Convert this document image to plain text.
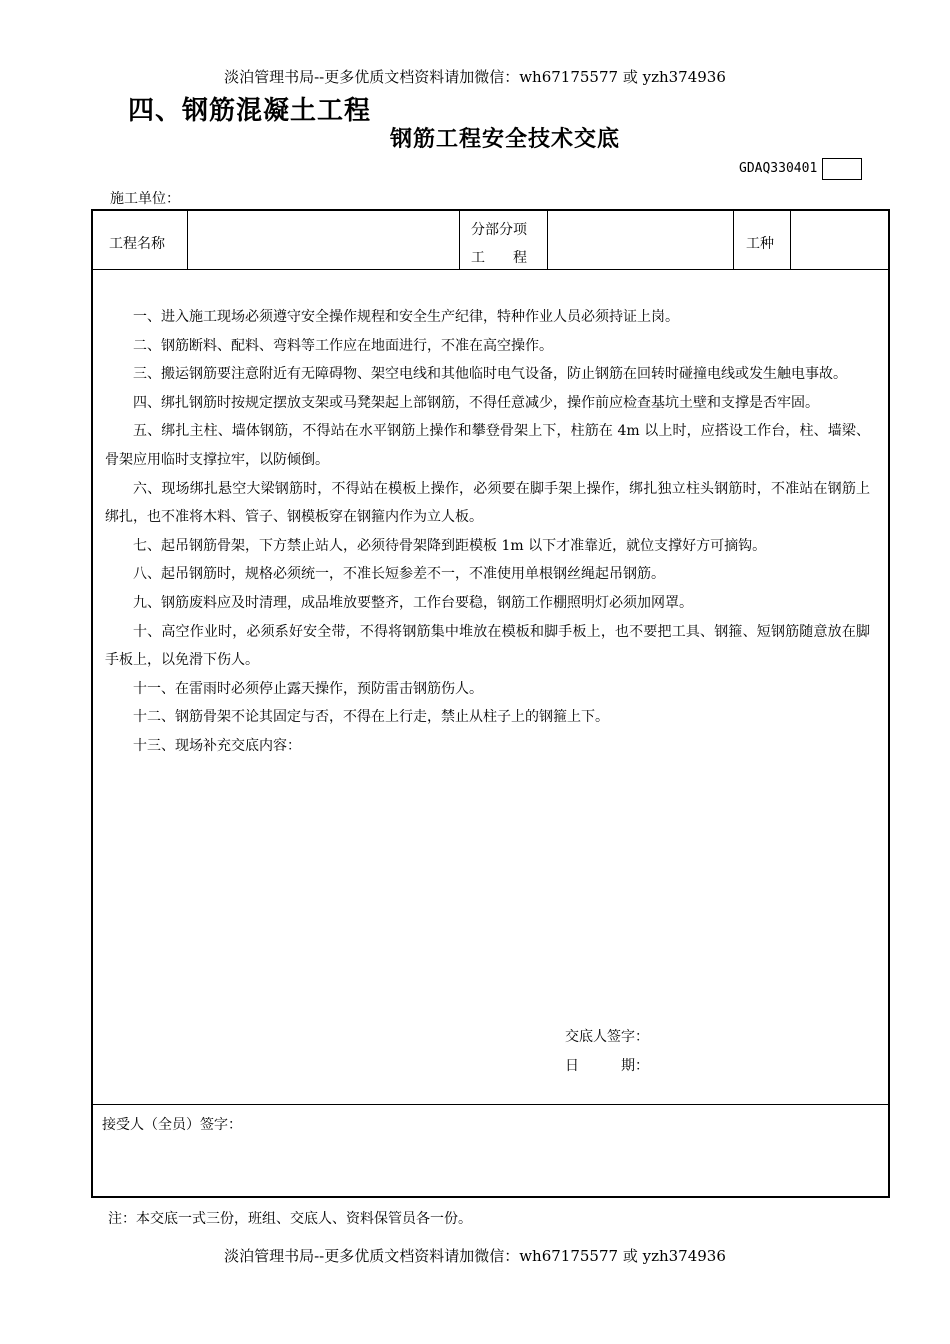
淡泊管理书局--更多优质文档资料请加微信：wh67175577 或 yzh374936
四、钢筋混凝土工程
钢筋工程安全技术交底
GDAQ330401
施工单位：
工程名称
分部分项
工　　程
工种

一、进入施工现场必须遵守安全操作规程和安全生产纪律，特种作业人员必须持证上岗。

二、钢筋断料、配料、弯料等工作应在地面进行，不准在高空操作。

三、搬运钢筋要注意附近有无障碍物、架空电线和其他临时电气设备，防止钢筋在回转时碰撞电线或发生触电事故。

四、绑扎钢筋时按规定摆放支架或马凳架起上部钢筋，不得任意减少，操作前应检查基坑土壁和支撑是否牢固。

五、绑扎主柱、墙体钢筋，不得站在水平钢筋上操作和攀登骨架上下，柱筋在 4m 以上时，应搭设工作台，柱、墙梁、骨架应用临时支撑拉牢，以防倾倒。

六、现场绑扎悬空大梁钢筋时，不得站在模板上操作，必须要在脚手架上操作，绑扎独立柱头钢筋时，不准站在钢筋上绑扎，也不准将木料、管子、钢模板穿在钢箍内作为立人板。

七、起吊钢筋骨架，下方禁止站人，必须待骨架降到距模板 1m 以下才准靠近，就位支撑好方可摘钩。

八、起吊钢筋时，规格必须统一，不准长短参差不一，不准使用单根钢丝绳起吊钢筋。

九、钢筋废料应及时清理，成品堆放要整齐，工作台要稳，钢筋工作棚照明灯必须加网罩。

十、高空作业时，必须系好安全带，不得将钢筋集中堆放在模板和脚手板上，也不要把工具、钢箍、短钢筋随意放在脚手板上，以免滑下伤人。

十一、在雷雨时必须停止露天操作，预防雷击钢筋伤人。

十二、钢筋骨架不论其固定与否，不得在上行走，禁止从柱子上的钢箍上下。

十三、现场补充交底内容：

交底人签字：
日　　　期：
接受人（全员）签字：
注：本交底一式三份，班组、交底人、资料保管员各一份。
淡泊管理书局--更多优质文档资料请加微信：wh67175577 或 yzh374936
